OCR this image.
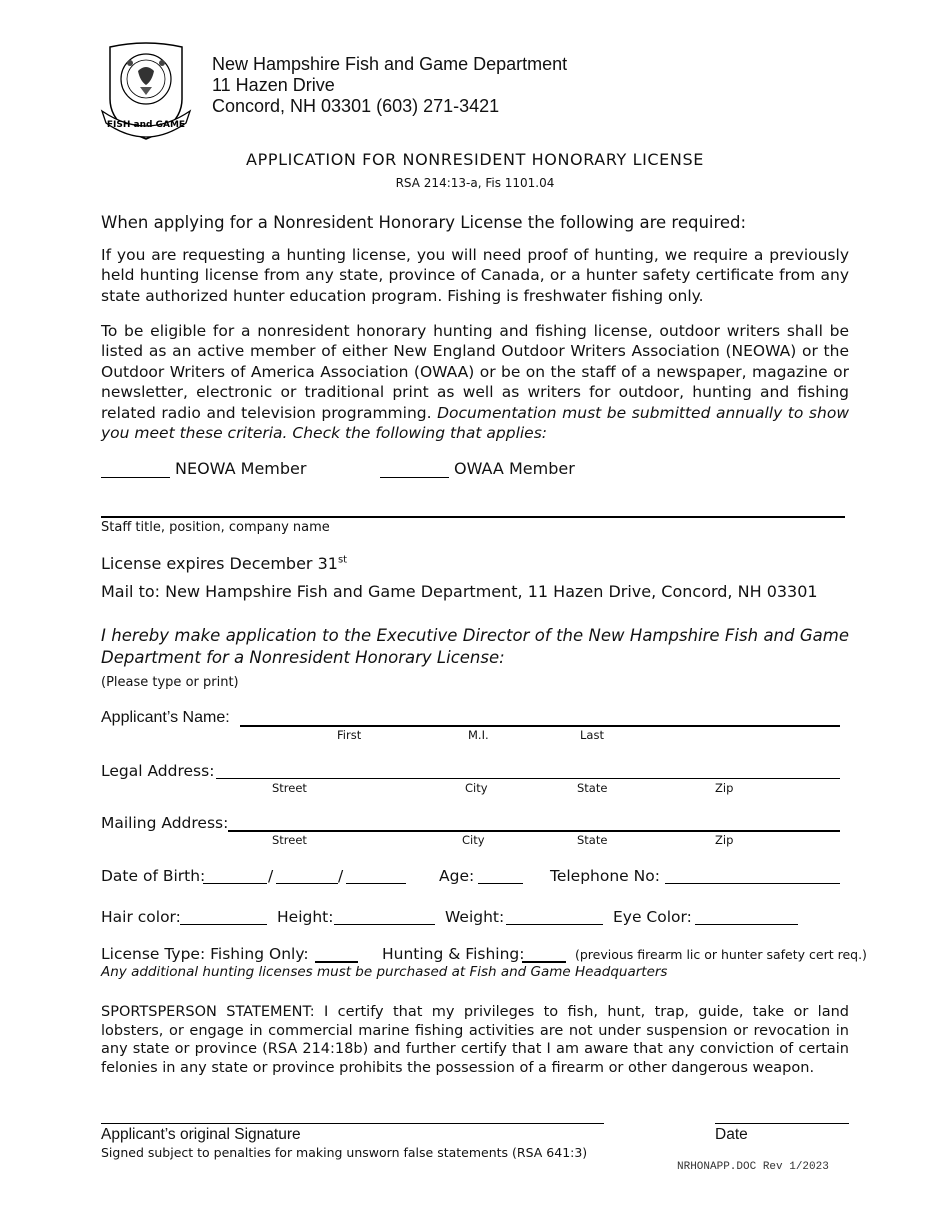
FISH and GAME
New Hampshire Fish and Game Department
11 Hazen Drive
Concord, NH 03301 (603) 271-3421
APPLICATION FOR NONRESIDENT HONORARY LICENSE
RSA 214:13-a, Fis 1101.04
When applying for a Nonresident Honorary License the following are required:
If you are requesting a hunting license, you will need proof of hunting, we require a previously held hunting license from any state, province of Canada, or a hunter safety certificate from any state authorized hunter education program. Fishing is freshwater fishing only.
To be eligible for a nonresident honorary hunting and fishing license, outdoor writers shall be listed as an active member of either New England Outdoor Writers Association (NEOWA) or the Outdoor Writers of America Association (OWAA) or be on the staff of a newspaper, magazine or newsletter, electronic or traditional print as well as writers for outdoor, hunting and fishing related radio and television programming. Documentation must be submitted annually to show you meet these criteria. Check the following that applies:
NEOWA Member	OWAA Member
Staff title, position, company name
License expires December 31st
Mail to: New Hampshire Fish and Game Department, 11 Hazen Drive, Concord, NH 03301
I hereby make application to the Executive Director of the New Hampshire Fish and Game Department for a Nonresident Honorary License:
(Please type or print)
Applicant’s Name:
First	M.I.	Last
Legal Address:
Street	City	State	Zip
Mailing Address:
Street	City	State	Zip
Date of Birth:	/	/	Age:	Telephone No:
Hair color:	Height:	Weight:	Eye Color:
License Type: Fishing Only:	Hunting & Fishing:	(previous firearm lic or hunter safety cert req.)
Any additional hunting licenses must be purchased at Fish and Game Headquarters
SPORTSPERSON STATEMENT: I certify that my privileges to fish, hunt, trap, guide, take or land lobsters, or engage in commercial marine fishing activities are not under suspension or revocation in any state or province (RSA 214:18b) and further certify that I am aware that any conviction of certain felonies in any state or province prohibits the possession of a firearm or other dangerous weapon.
Applicant’s original Signature	Date
Signed subject to penalties for making unsworn false statements (RSA 641:3)
NRHONAPP.DOC Rev 1/2023
